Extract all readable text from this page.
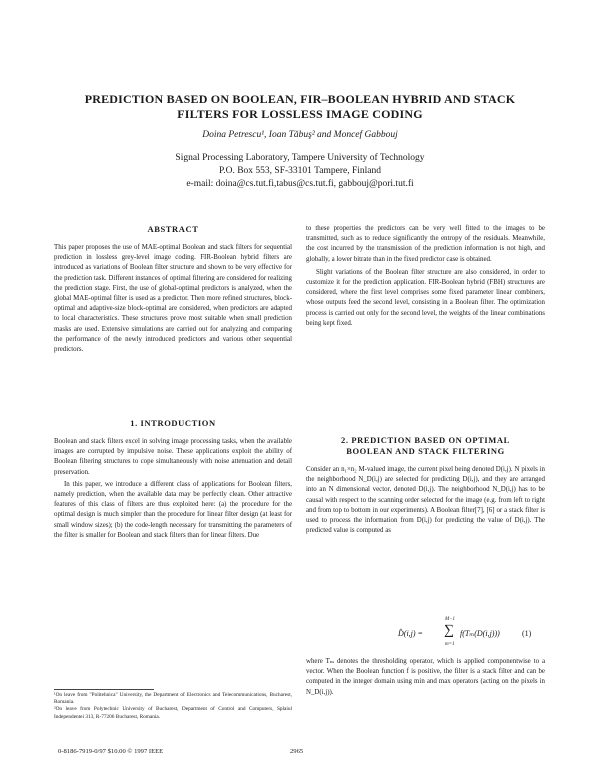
PREDICTION BASED ON BOOLEAN, FIR–BOOLEAN HYBRID AND STACK
FILTERS FOR LOSSLESS IMAGE CODING
Doina Petrescu¹, Ioan Tăbuş² and Moncef Gabbouj
Signal Processing Laboratory, Tampere University of Technology
P.O. Box 553, SF-33101 Tampere, Finland
e-mail: doina@cs.tut.fi,tabus@cs.tut.fi, gabbouj@pori.tut.fi
ABSTRACT

This paper proposes the use of MAE-optimal Boolean and stack filters for sequential prediction in lossless grey-level image coding. FIR-Boolean hybrid filters are introduced as variations of Boolean filter structure and shown to be very effective for the prediction task. Different instances of optimal filtering are considered for realizing the prediction stage. First, the use of global-optimal predictors is analyzed, when the global MAE-optimal filter is used as a predictor. Then more refined structures, block-optimal and adaptive-size block-optimal are considered, when predictors are adapted to local characteristics. These structures prove most suitable when small prediction masks are used. Extensive simulations are carried out for analyzing and comparing the performance of the newly introduced predictors and various other sequential predictors.

1. INTRODUCTION

Boolean and stack filters excel in solving image processing tasks, when the available images are corrupted by impulsive noise. These applications exploit the ability of Boolean filtering structures to cope simultaneously with noise attenuation and detail preservation.

In this paper, we introduce a different class of applications for Boolean filters, namely prediction, when the available data may be perfectly clean. Other attractive features of this class of filters are thus exploited here: (a) the procedure for the optimal design is much simpler than the procedure for linear filter design (at least for small window sizes); (b) the code-length necessary for transmitting the parameters of the filter is smaller for Boolean and stack filters than for linear filters. Due

¹On leave from "Politehnica" University, the Department of Electronics and Telecommunications, Bucharest, Romania.
²On leave from Polytechnic University of Bucharest, Department of Control and Computers, Splaiul Independentei 313, R-77206 Bucharest, Romania.

to these properties the predictors can be very well fitted to the images to be transmitted, such as to reduce significantly the entropy of the residuals. Meanwhile, the cost incurred by the transmission of the prediction information is not high, and globally, a lower bitrate than in the fixed predictor case is obtained.

Slight variations of the Boolean filter structure are also considered, in order to customize it for the prediction application. FIR-Boolean hybrid (FBH) structures are considered, where the first level comprises some fixed parameter linear combiners, whose outputs feed the second level, consisting in a Boolean filter. The optimization process is carried out only for the second level, the weights of the linear combinations being kept fixed.

2. PREDICTION BASED ON OPTIMAL
BOOLEAN AND STACK FILTERING

Consider an n₁×n₂ M-valued image, the current pixel being denoted D(i,j). N pixels in the neighborhood N_D(i,j) are selected for predicting D(i,j), and they are arranged into an N dimensional vector, denoted D(i,j). The neighborhood N_D(i,j) has to be causal with respect to the scanning order selected for the image (e.g. from left to right and from top to bottom in our experiments). A Boolean filter[7], [6] or a stack filter is used to process the information from D(i,j) for predicting the value of D(i,j). The predicted value is computed as

D̂(i,j) =
M−1
∑
m=1
f(Tₘ(D(i,j)))	(1)

where Tₘ denotes the thresholding operator, which is applied componentwise to a vector. When the Boolean function f is positive, the filter is a stack filter and can be computed in the integer domain using min and max operators (acting on the pixels in N_D(i,j)).

0-8186-7919-0/97 $10.00 © 1997 IEEE	2965
